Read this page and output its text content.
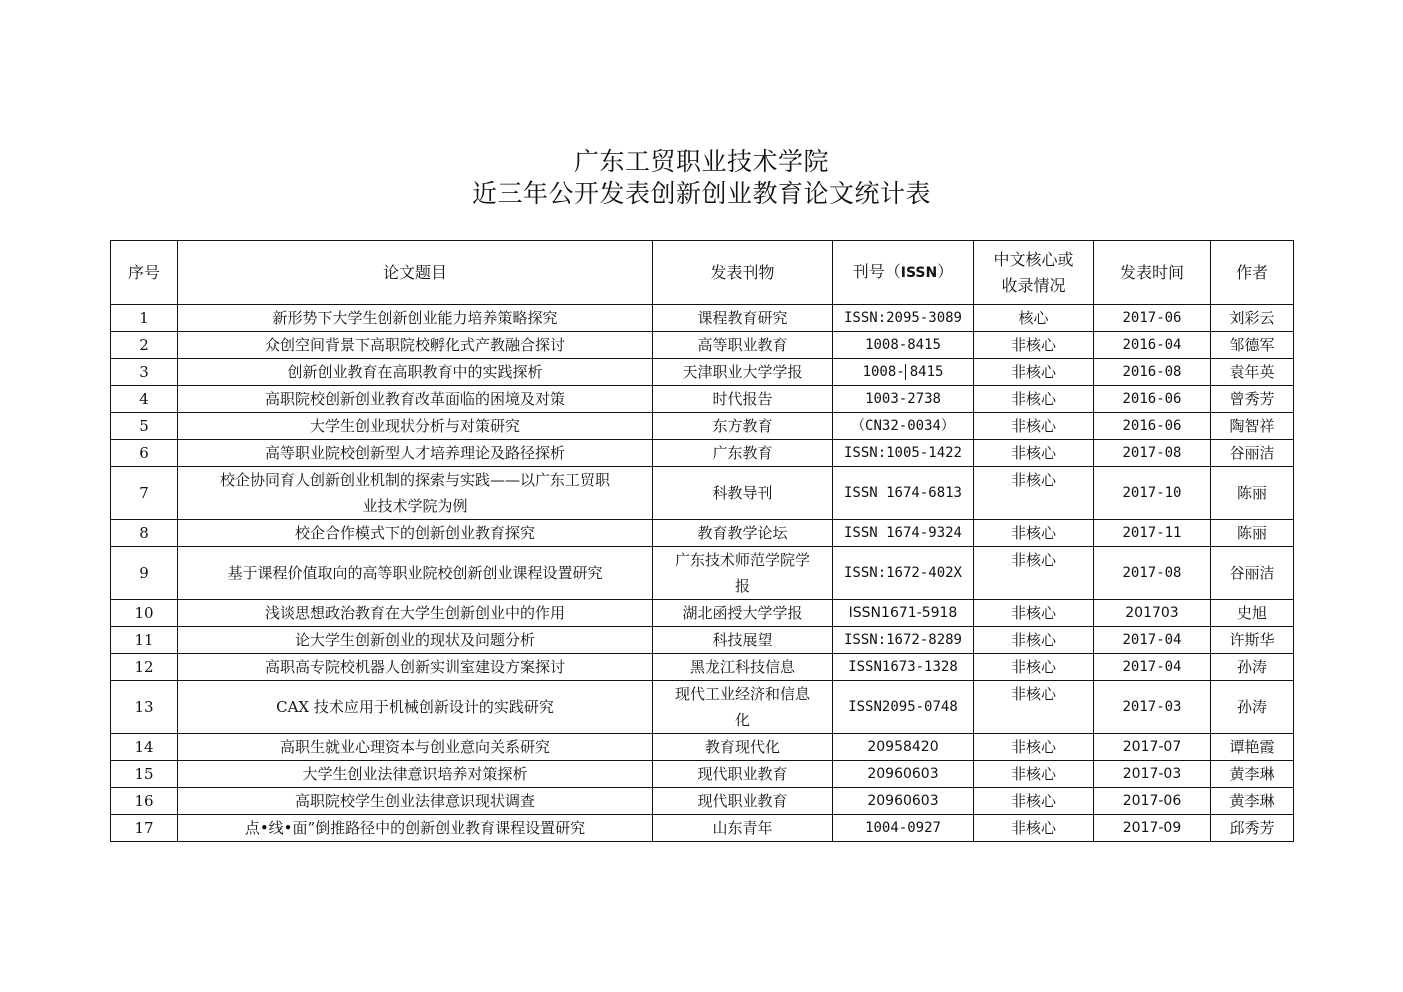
广东工贸职业技术学院
近三年公开发表创新创业教育论文统计表
序号	论文题目	发表刊物	刊号（ISSN）	中文核心或
收录情况	发表时间	作者
1	新形势下大学生创新创业能力培养策略探究	课程教育研究	ISSN:2095-3089	核心	2017-06	刘彩云
2	众创空间背景下高职院校孵化式产教融合探讨	高等职业教育	1008-8415	非核心	2016-04	邹德军
3	创新创业教育在高职教育中的实践探析	天津职业大学学报	1008- 8415	非核心	2016-08	袁年英
4	高职院校创新创业教育改革面临的困境及对策	时代报告	1003-2738	非核心	2016-06	曾秀芳
5	大学生创业现状分析与对策研究	东方教育	（CN32-0034）	非核心	2016-06	陶智祥
6	高等职业院校创新型人才培养理论及路径探析	广东教育	ISSN:1005-1422	非核心	2017-08	谷丽洁
7	校企协同育人创新创业机制的探索与实践——以广东工贸职
业技术学院为例	科教导刊	ISSN 1674-6813	非核心	2017-10	陈丽
8	校企合作模式下的创新创业教育探究	教育教学论坛	ISSN 1674-9324	非核心	2017-11	陈丽
9	基于课程价值取向的高等职业院校创新创业课程设置研究	广东技术师范学院学
报	ISSN:1672-402X	非核心	2017-08	谷丽洁
10	浅谈思想政治教育在大学生创新创业中的作用	湖北函授大学学报	ISSN1671-5918	非核心	201703	史旭
11	论大学生创新创业的现状及问题分析	科技展望	ISSN:1672-8289	非核心	2017-04	许斯华
12	高职高专院校机器人创新实训室建设方案探讨	黑龙江科技信息	ISSN1673-1328	非核心	2017-04	孙涛
13	CAX 技术应用于机械创新设计的实践研究	现代工业经济和信息
化	ISSN2095-0748	非核心	2017-03	孙涛
14	高职生就业心理资本与创业意向关系研究	教育现代化	20958420	非核心	2017-07	谭艳霞
15	大学生创业法律意识培养对策探析	现代职业教育	20960603	非核心	2017-03	黄李琳
16	高职院校学生创业法律意识现状调查	现代职业教育	20960603	非核心	2017-06	黄李琳
17	点•线•面”倒推路径中的创新创业教育课程设置研究	山东青年	1004-0927	非核心	2017-09	邱秀芳
